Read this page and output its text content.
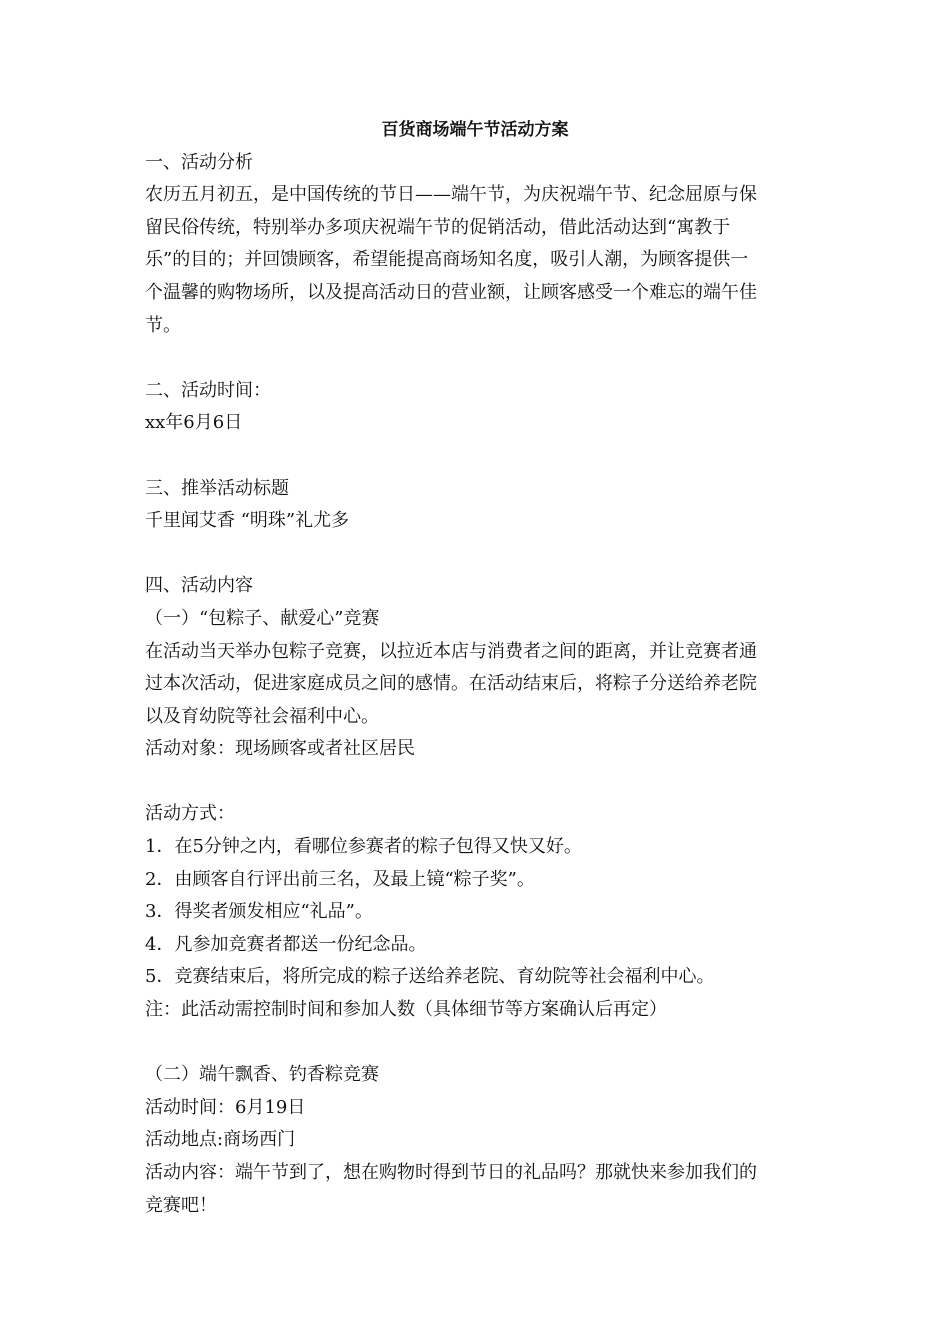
百货商场端午节活动方案

一、活动分析

农历五月初五，是中国传统的节日——端午节，为庆祝端午节、纪念屈原与保

留民俗传统，特别举办多项庆祝端午节的促销活动，借此活动达到“寓教于

乐”的目的；并回馈顾客，希望能提高商场知名度，吸引人潮，为顾客提供一

个温馨的购物场所，以及提高活动日的营业额，让顾客感受一个难忘的端午佳

节。

二、活动时间：

xx年6月6日

三、推举活动标题

千里闻艾香 “明珠”礼尤多

四、活动内容

（一）“包粽子、献爱心”竞赛

在活动当天举办包粽子竞赛，以拉近本店与消费者之间的距离，并让竞赛者通

过本次活动，促进家庭成员之间的感情。在活动结束后，将粽子分送给养老院

以及育幼院等社会福利中心。

活动对象：现场顾客或者社区居民

活动方式：

1．在5分钟之内，看哪位参赛者的粽子包得又快又好。

2．由顾客自行评出前三名，及最上镜“粽子奖”。

3．得奖者颁发相应“礼品”。

4．凡参加竞赛者都送一份纪念品。

5．竞赛结束后，将所完成的粽子送给养老院、育幼院等社会福利中心。

注：此活动需控制时间和参加人数（具体细节等方案确认后再定）

（二）端午飘香、钓香粽竞赛

活动时间：6月19日

活动地点:商场西门

活动内容：端午节到了，想在购物时得到节日的礼品吗？那就快来参加我们的

竞赛吧！
